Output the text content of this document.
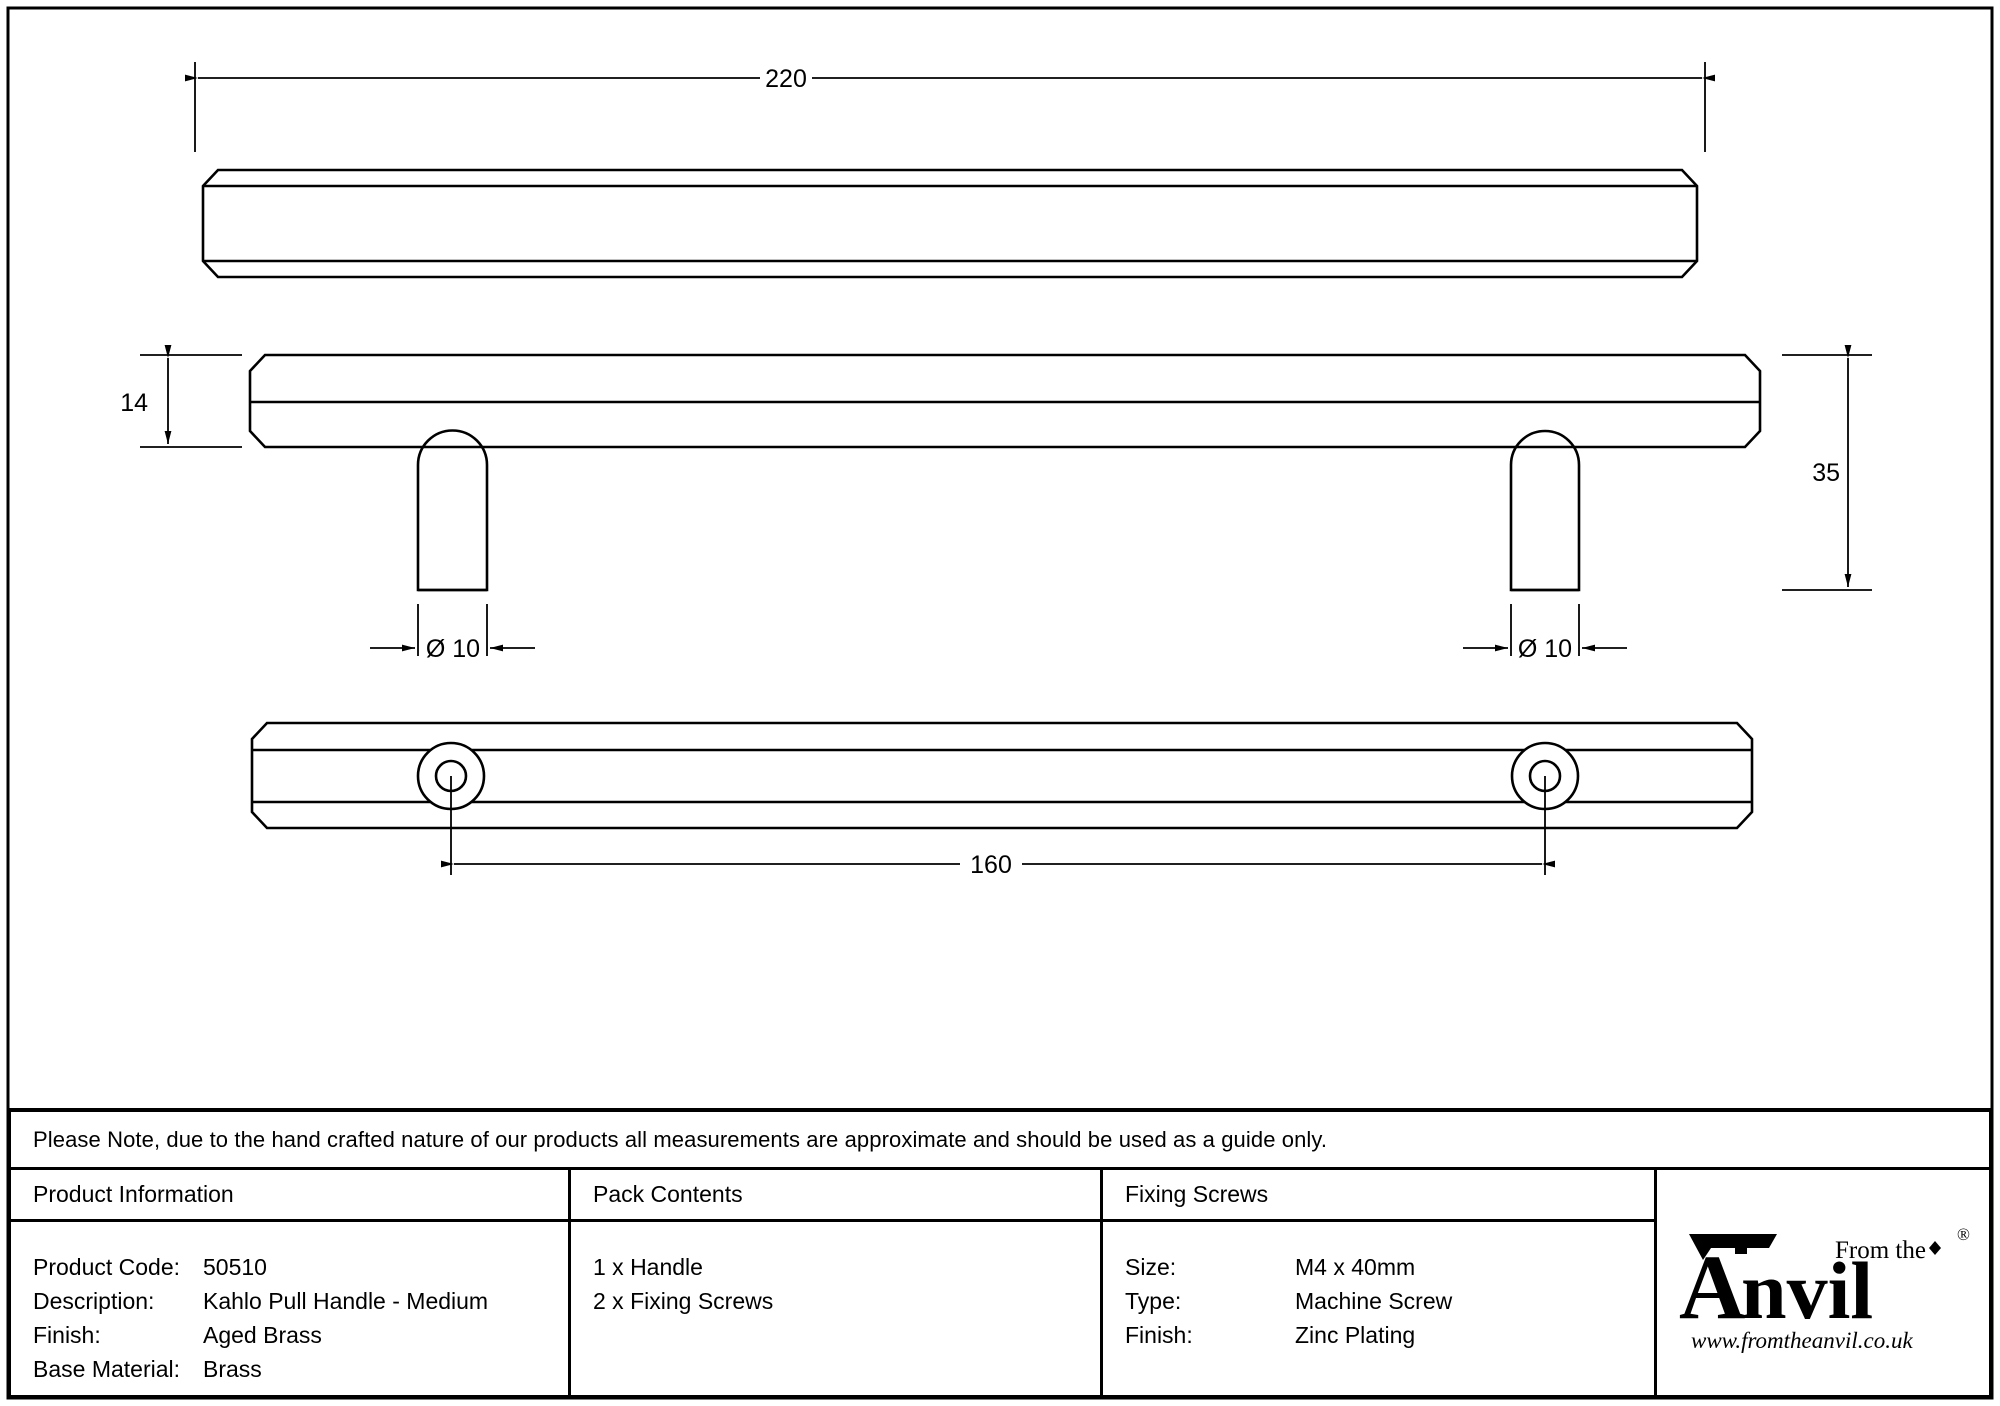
220
14
35
Ø 10	Ø 10
160
Please Note, due to the hand crafted nature of our products all measurements are approximate and should be used as a guide only.
Product Information
Product Code: 50510
Description:	Kahlo Pull Handle - Medium
Finish:	Aged Brass
Base Material: Brass
Pack Contents
1 x Handle
2 x Fixing Screws
Fixing Screws
Size:	M4 x 40mm
Type:	Machine Screw
Finish:	Zinc Plating	A
nvil
From the
®
www.fromtheanvil.co.uk
